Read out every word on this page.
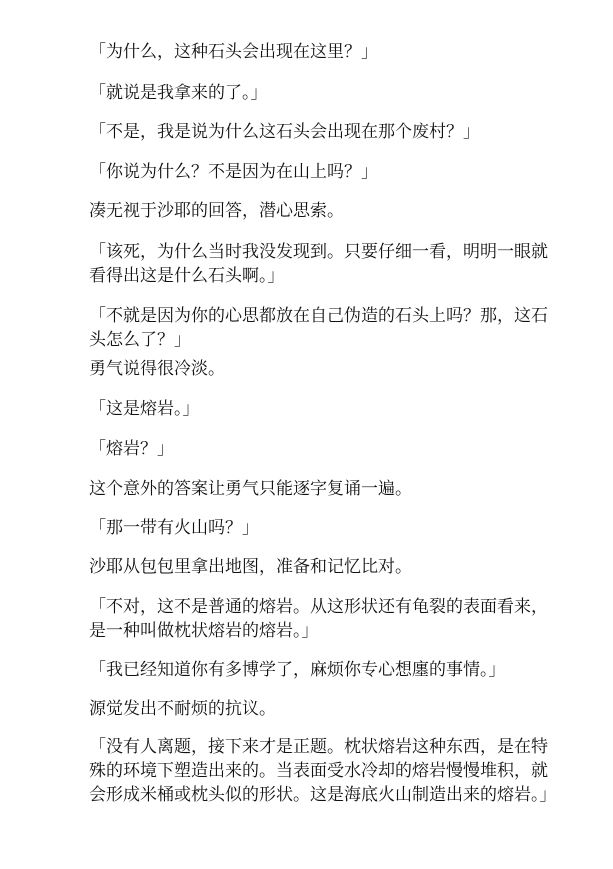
「为什么，这种石头会出现在这里？」

「就说是我拿来的了。」

「不是，我是说为什么这石头会出现在那个废村？」

「你说为什么？不是因为在山上吗？」

凑无视于沙耶的回答，潜心思索。

「该死，为什么当时我没发现到。只要仔细一看，明明一眼就看得出这是什么石头啊。」

「不就是因为你的心思都放在自己伪造的石头上吗？那，这石头怎么了？」

勇气说得很冷淡。

「这是熔岩。」

「熔岩？」

这个意外的答案让勇气只能逐字复诵一遍。

「那一带有火山吗？」

沙耶从包包里拿出地图，准备和记忆比对。

「不对，这不是普通的熔岩。从这形状还有龟裂的表面看来，是一种叫做枕状熔岩的熔岩。」

「我已经知道你有多博学了，麻烦你专心想廛的事情。」

源觉发出不耐烦的抗议。

「没有人离题，接下来才是正题。枕状熔岩这种东西，是在特殊的环境下塑造出来的。当表面受水冷却的熔岩慢慢堆积，就会形成米桶或枕头似的形状。这是海底火山制造出来的熔岩。」
